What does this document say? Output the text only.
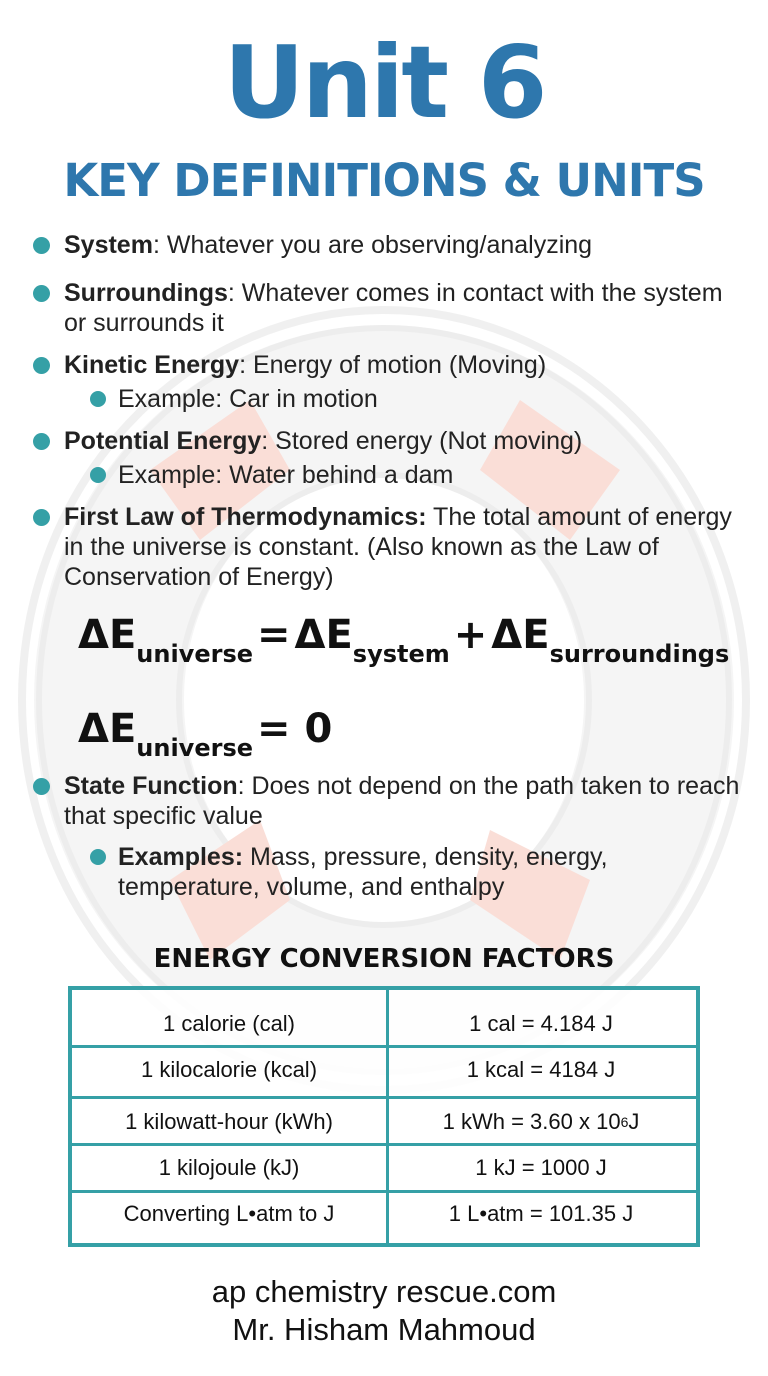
Unit 6
KEY DEFINITIONS & UNITS
System: Whatever you are observing/analyzing
Surroundings: Whatever comes in contact with the system or surrounds it
Kinetic Energy: Energy of motion (Moving)
Example: Car in motion
Potential Energy: Stored energy (Not moving)
Example: Water behind a dam
First Law of Thermodynamics: The total amount of energy in the universe is constant. (Also known as the Law of Conservation of Energy)
ΔEuniverse = ΔEsystem + ΔEsurroundings
ΔEuniverse = 0
State Function: Does not depend on the path taken to reach that specific value
Examples: Mass, pressure, density, energy, temperature, volume, and enthalpy
ENERGY CONVERSION FACTORS
1 calorie (cal)	1 cal = 4.184 J
1 kilocalorie (kcal)	1 kcal = 4184 J
1 kilowatt-hour (kWh)	1 kWh = 3.60 x 10 6 J
1 kilojoule (kJ)	1 kJ = 1000 J
Converting L•atm to J	1 L•atm = 101.35 J
ap chemistry rescue.com
Mr. Hisham Mahmoud
